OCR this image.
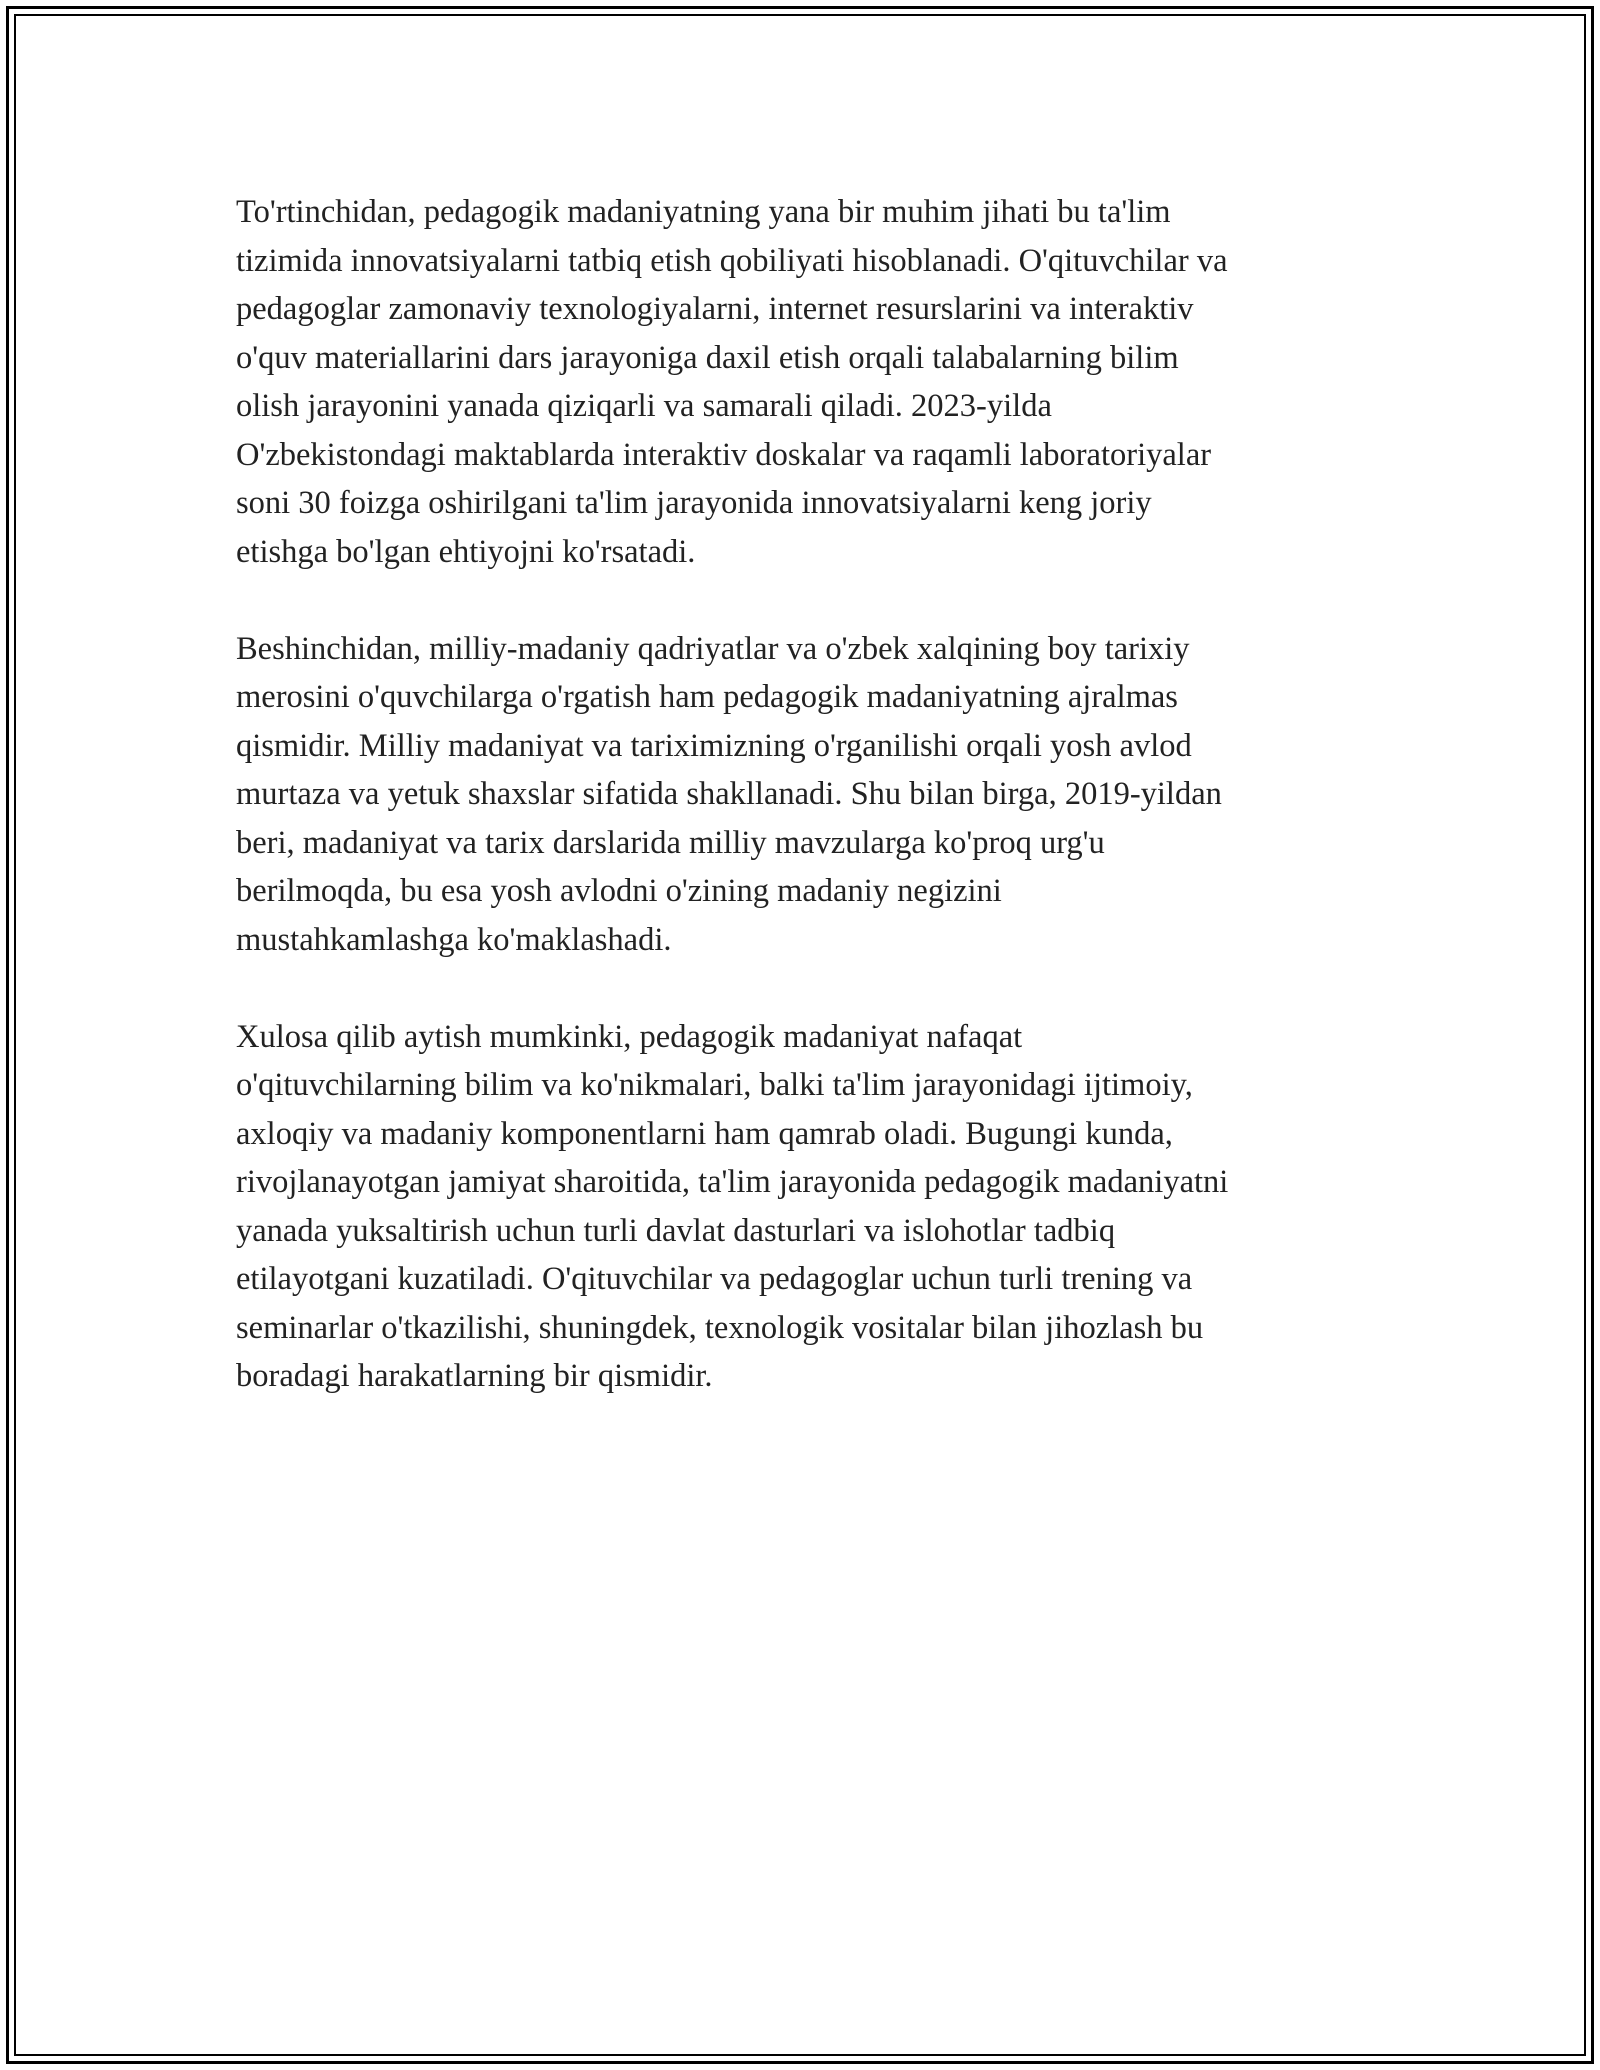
To'rtinchidan, pedagogik madaniyatning yana bir muhim jihati bu ta'lim
tizimida innovatsiyalarni tatbiq etish qobiliyati hisoblanadi. O'qituvchilar va
pedagoglar zamonaviy texnologiyalarni, internet resurslarini va interaktiv
o'quv materiallarini dars jarayoniga daxil etish orqali talabalarning bilim
olish jarayonini yanada qiziqarli va samarali qiladi. 2023-yilda
O'zbekistondagi maktablarda interaktiv doskalar va raqamli laboratoriyalar
soni 30 foizga oshirilgani ta'lim jarayonida innovatsiyalarni keng joriy
etishga bo'lgan ehtiyojni ko'rsatadi.

Beshinchidan, milliy-madaniy qadriyatlar va o'zbek xalqining boy tarixiy
merosini o'quvchilarga o'rgatish ham pedagogik madaniyatning ajralmas
qismidir. Milliy madaniyat va tariximizning o'rganilishi orqali yosh avlod
murtaza va yetuk shaxslar sifatida shakllanadi. Shu bilan birga, 2019-yildan
beri, madaniyat va tarix darslarida milliy mavzularga ko'proq urg'u
berilmoqda, bu esa yosh avlodni o'zining madaniy negizini
mustahkamlashga ko'maklashadi.

Xulosa qilib aytish mumkinki, pedagogik madaniyat nafaqat
o'qituvchilarning bilim va ko'nikmalari, balki ta'lim jarayonidagi ijtimoiy,
axloqiy va madaniy komponentlarni ham qamrab oladi. Bugungi kunda,
rivojlanayotgan jamiyat sharoitida, ta'lim jarayonida pedagogik madaniyatni
yanada yuksaltirish uchun turli davlat dasturlari va islohotlar tadbiq
etilayotgani kuzatiladi. O'qituvchilar va pedagoglar uchun turli trening va
seminarlar o'tkazilishi, shuningdek, texnologik vositalar bilan jihozlash bu
boradagi harakatlarning bir qismidir.
